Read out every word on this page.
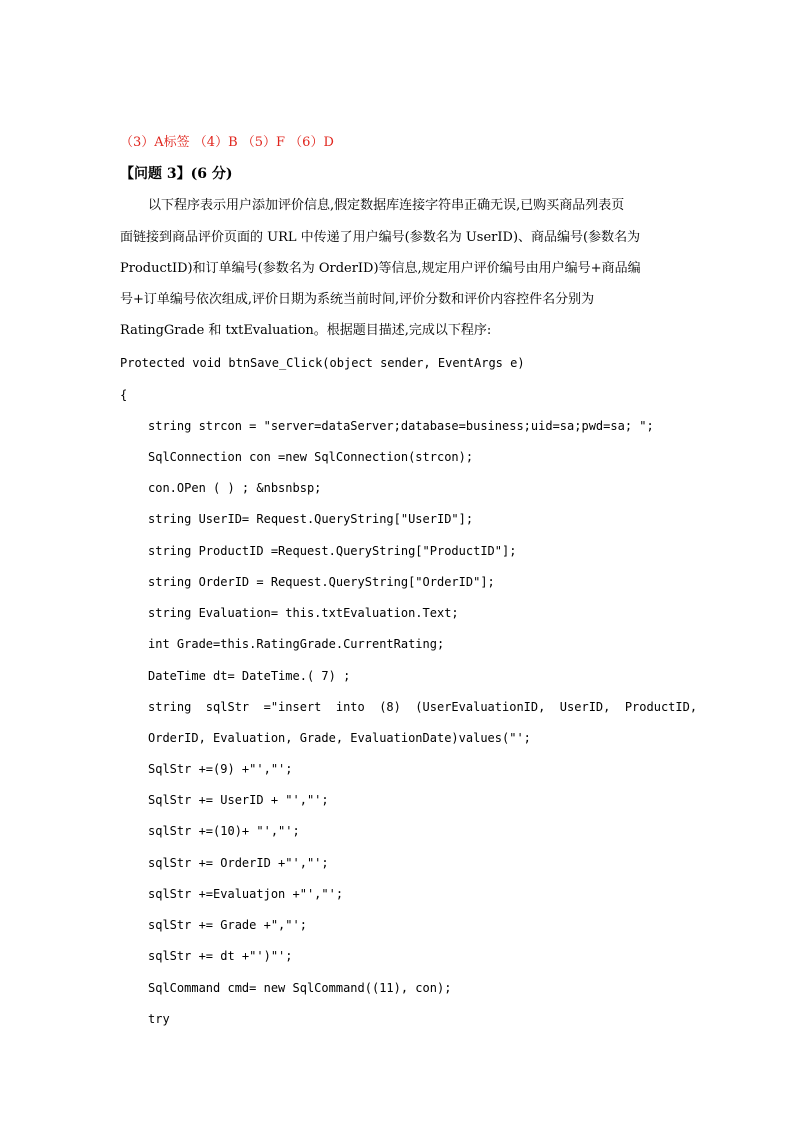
（3）A标签 （4）B （5）F （6）D
【问题 3】(6 分)
以下程序表示用户添加评价信息,假定数据库连接字符串正确无误,已购买商品列表页
面链接到商品评价页面的 URL 中传递了用户编号(参数名为 UserID)、商品编号(参数名为
ProductID)和订单编号(参数名为 OrderID)等信息,规定用户评价编号由用户编号+商品编
号+订单编号依次组成,评价日期为系统当前时间,评价分数和评价内容控件名分别为
RatingGrade 和 txtEvaluation。根据题目描述,完成以下程序:
Protected void btnSave_Click(object sender, EventArgs e)
{
string strcon = "server=dataServer;database=business;uid=sa;pwd=sa; ";
SqlConnection con =new SqlConnection(strcon);
con.OPen ( ) ; &nbsnbsp;
string UserID= Request.QueryString["UserID"];
string ProductID =Request.QueryString["ProductID"];
string OrderID = Request.QueryString["OrderID"];
string Evaluation= this.txtEvaluation.Text;
int Grade=this.RatingGrade.CurrentRating;
DateTime dt= DateTime.( 7) ;
string  sqlStr  ="insert  into  (8)  (UserEvaluationID,  UserID,  ProductID,
OrderID, Evaluation, Grade, EvaluationDate)values("';
SqlStr +=(9) +"',"';
SqlStr += UserID + "',"';
sqlStr +=(10)+ "',"';
sqlStr += OrderID +"',"';
sqlStr +=Evaluatjon +"',"';
sqlStr += Grade +","';
sqlStr += dt +"')"';
SqlCommand cmd= new SqlCommand((11), con);
try
